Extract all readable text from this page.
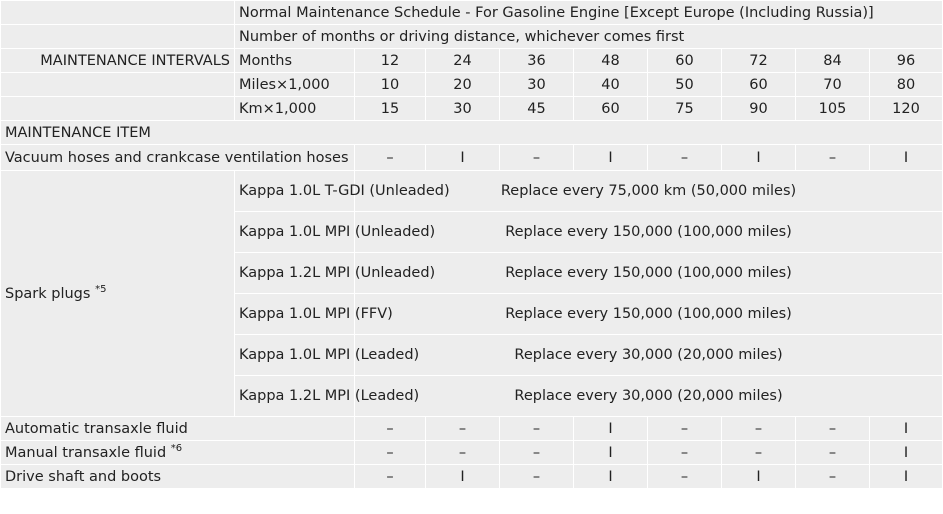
	Normal Maintenance Schedule - For Gasoline Engine [Except Europe (Including Russia)]								
	Number of months or driving distance, whichever comes first								
MAINTENANCE INTERVALS	Months	12	24	36	48	60	72	84	96
	Miles×1,000	10	20	30	40	50	60	70	80
	Km×1,000	15	30	45	60	75	90	105	120
MAINTENANCE ITEM									
Vacuum hoses and crankcase ventilation hoses		–	I	–	I	–	I	–	I
Spark plugs $^{*5}$	Kappa 1.0L T-GDI (Unleaded)	Replace every 75,000 km (50,000 miles)							
	Kappa 1.0L MPI (Unleaded)	Replace every 150,000 (100,000 miles)							
	Kappa 1.2L MPI (Unleaded)	Replace every 150,000 (100,000 miles)							
	Kappa 1.0L MPI (FFV)	Replace every 150,000 (100,000 miles)							
	Kappa 1.0L MPI (Leaded)	Replace every 30,000 (20,000 miles)							
	Kappa 1.2L MPI (Leaded)	Replace every 30,000 (20,000 miles)							
Automatic transaxle fluid		–	–	–	I	–	–	–	I
Manual transaxle fluid $^{*6}$		–	–	–	I	–	–	–	I
Drive shaft and boots		–	I	–	I	–	I	–	I
